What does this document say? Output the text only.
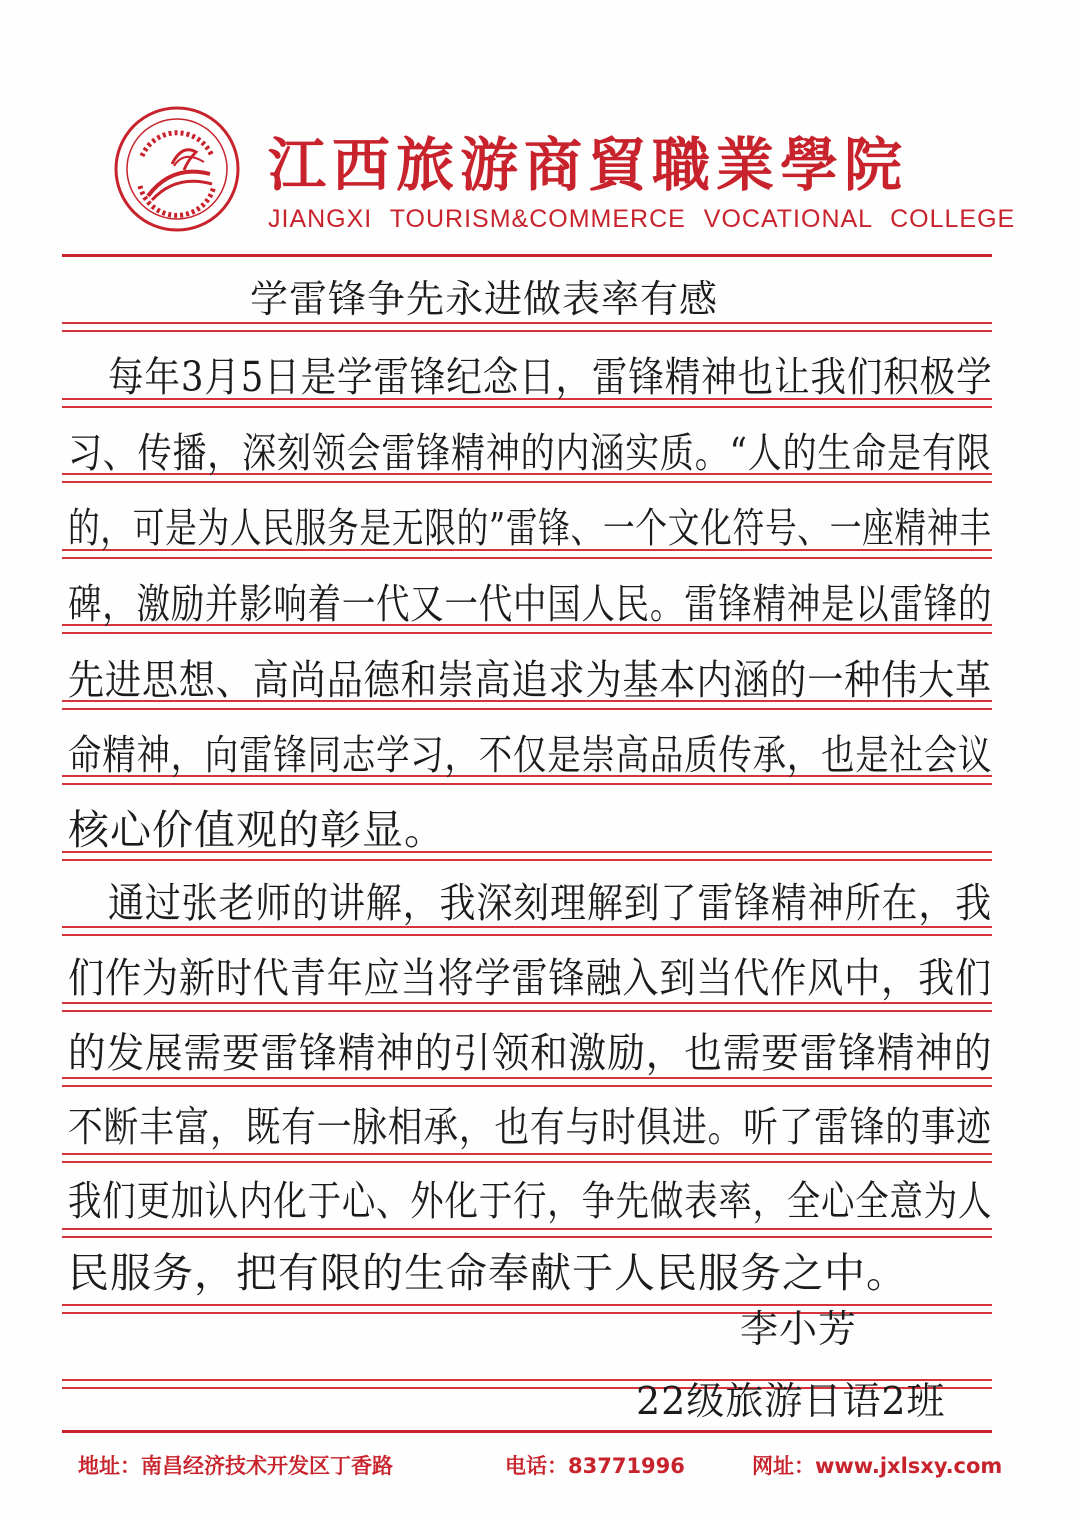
江西旅游商貿職業學院
JIANGXI TOURISM&COMMERCE VOCATIONAL COLLEGE
学雷锋争先永进做表率有感
每年3月5日是学雷锋纪念日，雷锋精神也让我们积极学
习、传播，深刻领会雷锋精神的内涵实质。“人的生命是有限
的，可是为人民服务是无限的”雷锋、一个文化符号、一座精神丰
碑，激励并影响着一代又一代中国人民。雷锋精神是以雷锋的
先进思想、高尚品德和崇高追求为基本内涵的一种伟大革
命精神，向雷锋同志学习，不仅是崇高品质传承，也是社会议
核心价值观的彰显。
通过张老师的讲解，我深刻理解到了雷锋精神所在，我
们作为新时代青年应当将学雷锋融入到当代作风中，我们
的发展需要雷锋精神的引领和激励，也需要雷锋精神的
不断丰富，既有一脉相承，也有与时俱进。听了雷锋的事迹
我们更加认内化于心、外化于行，争先做表率，全心全意为人
民服务，把有限的生命奉献于人民服务之中。
李小芳
22级旅游日语2班
地址：南昌经济技术开发区丁香路	电话：83771996	网址：www.jxlsxy.com
